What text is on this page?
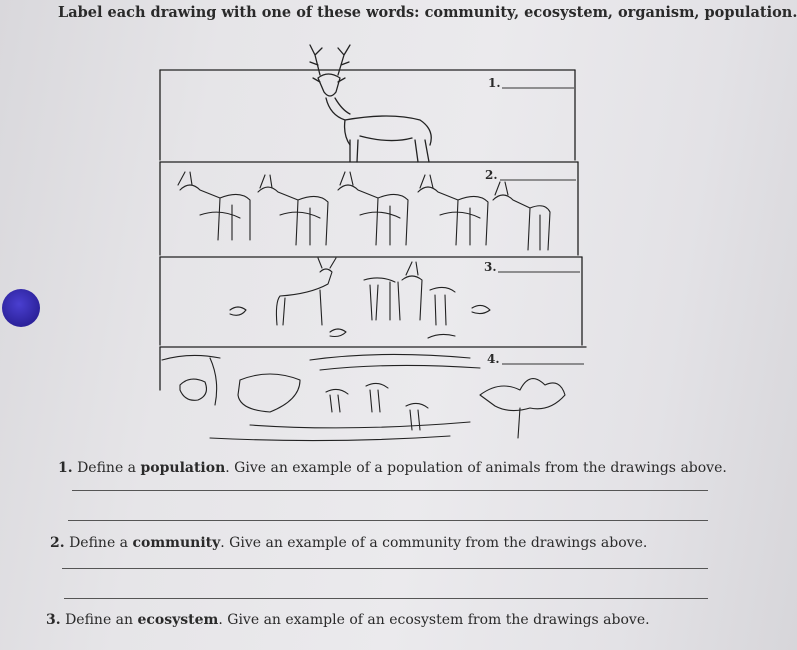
Label each drawing with one of these words: community, ecosystem, organism, population.
1.
2.
3.
4.
1. Define a population. Give an example of a population of animals from the drawings above.
2. Define a community. Give an example of a community from the drawings above.
3. Define an ecosystem. Give an example of an ecosystem from the drawings above.
